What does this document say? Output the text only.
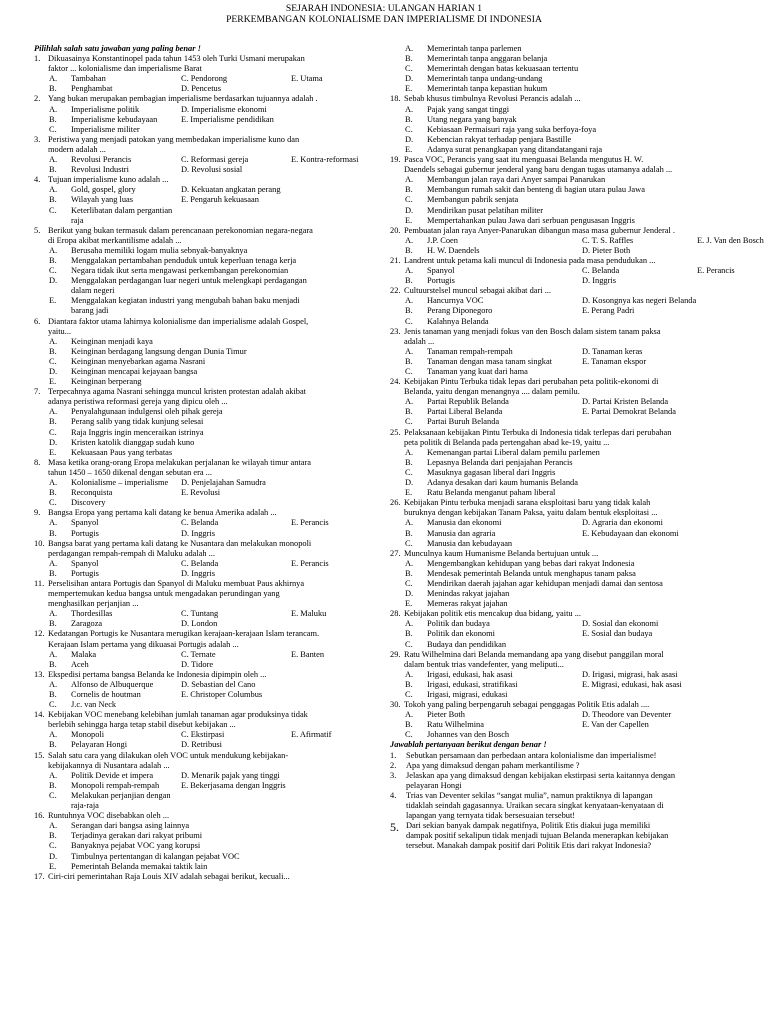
SEJARAH INDONESIA: ULANGAN HARIAN 1
PERKEMBANGAN KOLONIALISME DAN IMPERIALISME DI INDONESIA
Pilihlah salah satu jawaban yang paling benar !
1. Dikuasainya Konstantinopel pada tahun 1453 oleh Turki Usmani merupakan
faktor ... kolonialisme dan imperialisme Barat
A.	Tambahan	C. Pendorong	E. Utama
B.	Penghambat	D. Pencetus
2. Yang bukan merupakan pembagian imperialisme berdasarkan tujuannya adalah .
A.	Imperialisme politik	D. Imperialisme ekonomi
B.	Imperialisme kebudayaan	E. Imperialisme pendidikan
C.	Imperialisme militer
3. Peristiwa yang menjadi patokan yang membedakan imperialisme kuno dan
modern adalah ...
A.	Revolusi Perancis	C. Reformasi gereja	E. Kontra-reformasi
B.	Revolusi Industri	D. Revolusi sosial
4. Tujuan imperialisme kuno adalah ...
A.	Gold, gospel, glory	D. Kekuatan angkatan perang
B.	Wilayah yang luas	E. Pengaruh kekuasaan
C.	Keterlibatan dalam pergantian raja
5. Berikut yang bukan termasuk dalam perencanaan perekonomian negara-negara
di Eropa akibat merkantilisme adalah ...
A. Berusaha memiliki logam mulia sebnyak-banyaknya
B. Menggalakan pertambahan penduduk untuk keperluan tenaga kerja
C. Negara tidak ikut serta mengawasi perkembangan perekonomian
D. Menggalakan perdagangan luar negeri untuk melengkapi perdagangan
dalam negeri
E. Menggalakan kegiatan industri yang mengubah bahan baku menjadi
barang jadi
6. Diantara faktor utama lahirnya kolonialisme dan imperialisme adalah Gospel,
yaitu...
A. Keinginan menjadi kaya
B. Keinginan berdagang langsung dengan Dunia Timur
C. Keinginan menyebarkan agama Nasrani
D. Keinginan mencapai kejayaan bangsa
E. Keinginan berperang
7. Terpecahnya agama Nasrani sehingga muncul kristen protestan adalah akibat
adanya peristiwa reformasi gereja yang dipicu oleh ...
A. Penyalahgunaan indulgensi oleh pihak gereja
B. Perang salib yang tidak kunjung selesai
C. Raja Inggris ingin menceraikan istrinya
D. Kristen katolik dianggap sudah kuno
E. Kekuasaan Paus yang terbatas
8. Masa ketika orang-orang Eropa melakukan perjalanan ke wilayah timur antara
tahun 1450 – 1650 dikenal dengan sebutan era ...
A.	Kolonialisme – imperialisme	D. Penjelajahan Samudra
B.	Reconquista	E. Revolusi
C.	Discovery
9. Bangsa Eropa yang pertama kali datang ke benua Amerika adalah ...
A.	Spanyol	C. Belanda	E. Perancis
B.	Portugis	D. Inggris
10. Bangsa barat yang pertama kali datang ke Nusantara dan melakukan monopoli
perdagangan rempah-rempah di Maluku adalah ...
A.	Spanyol	C. Belanda	E. Perancis
B.	Portugis	D. Inggris
11. Perselisihan antara Portugis dan Spanyol di Maluku membuat Paus akhirnya
mempertemukan kedua bangsa untuk mengadakan perundingan yang
menghasilkan perjanjian ...
A.	Thordesillas	C. Tuntang	E. Maluku
B.	Zaragoza	D. London
12. Kedatangan Portugis ke Nusantara merugikan kerajaan-kerajaan Islam terancam.
Kerajaan Islam pertama yang dikuasai Portugis adalah ...
A.	Malaka	C. Ternate	E. Banten
B.	Aceh	D. Tidore
13. Ekspedisi pertama bangsa Belanda ke Indonesia dipimpin oleh ...
A.	Alfonso de Albuquerque	D. Sebastian del Cano
B.	Cornelis de houtman	E. Christoper Columbus
C.	J.c. van Neck
14. Kebijakan VOC menebang kelebihan jumlah tanaman agar produksinya tidak
berlebih sehingga harga tetap stabil disebut kebijakan ...
A.	Monopoli	C. Ekstirpasi	E. Afirmatif
B.	Pelayaran Hongi	D. Retribusi
15. Salah satu cara yang dilakukan oleh VOC untuk mendukung kebijakan-
kebijakannya di Nusantara adalah ...
A.	Politik Devide et impera	D. Menarik pajak yang tinggi
B.	Monopoli rempah-rempah	E. Bekerjasama dengan Inggris
C.	Melakukan perjanjian dengan raja-raja
16. Runtuhnya VOC disebabkan oleh ...
A. Serangan dari bangsa asing lainnya
B. Terjadinya gerakan dari rakyat pribumi
C. Banyaknya pejabat VOC yang korupsi
D. Timbulnya pertentangan di kalangan pejabat VOC
E. Pemerintah Belanda memakai taktik lain
17. Ciri-ciri pemerintahan Raja Louis XIV adalah sebagai berikut, kecuali...
A. Memerintah tanpa parlemen
B. Memerintah tanpa anggaran belanja
C. Memerintah dengan batas kekuasaan tertentu
D. Memerintah tanpa undang-undang
E. Memerintah tanpa kepastian hukum
18. Sebab khusus timbulnya Revolusi Perancis adalah ...
A. Pajak yang sangat tinggi
B. Utang negara yang banyak
C. Kebiasaan Permaisuri raja yang suka berfoya-foya
D. Kebencian rakyat terhadap penjara Bastille
E. Adanya surat penangkapan yang ditandatangani raja
19. Pasca VOC, Perancis yang saat itu menguasai Belanda mengutus H. W.
Daendels sebagai gubernur jenderal yang baru dengan tugas utamanya adalah ...
A. Membangun jalan raya dari Anyer sampai Panarukan
B. Membangun rumah sakit dan benteng di bagian utara pulau Jawa
C. Membangun pabrik senjata
D. Mendirikan pusat pelatihan militer
E. Mempertahankan pulau Jawa dari serbuan pengusasan Inggris
20. Pembuatan jalan raya Anyer-Panarukan dibangun masa masa gubernur Jenderal .
A.	J.P. Coen	C. T. S. Raffles	E. J. Van den Bosch
B.	H. W. Daendels	D. Pieter Both
21. Landrent untuk petama kali muncul di Indonesia pada masa pendudukan ...
A.	Spanyol	C. Belanda	E. Perancis
B.	Portugis	D. Inggris
22. Cultuurstelsel muncul sebagai akibat dari ...
A.	Hancurnya VOC	D. Kosongnya kas negeri Belanda
B.	Perang Diponegoro	E. Perang Padri
C.	Kalahnya Belanda
23. Jenis tanaman yang menjadi fokus van den Bosch dalam sistem tanam paksa
adalah ...
A.	Tanaman rempah-rempah	D. Tanaman keras
B.	Tanaman dengan masa tanam singkat	E. Tanaman ekspor
C.	Tanaman yang kuat dari hama
24. Kebijakan Pintu Terbuka tidak lepas dari perubahan peta politik-ekonomi di
Belanda, yaitu dengan menangnya .... dalam pemilu.
A.	Partai Republik Belanda	D. Partai Kristen Belanda
B.	Partai Liberal Belanda	E. Partai Demokrat Belanda
C.	Partai Buruh Belanda
25. Pelaksanaan kebijakan Pintu Terbuka di Indonesia tidak terlepas dari perubahan
peta politik di Belanda pada pertengahan abad ke-19, yaitu ...
A. Kemenangan partai Liberal dalam pemilu parlemen
B. Lepasnya Belanda dari penjajahan Perancis
C. Masuknya gagasan liberal dari Inggris
D. Adanya desakan dari kaum humanis Belanda
E. Ratu Belanda menganut paham liberal
26. Kebijakan Pintu terbuka menjadi sarana eksploitasi baru yang tidak kalah
buruknya dengan kebijakan Tanam Paksa, yaitu dalam bentuk eksploitasi ...
A.	Manusia dan ekonomi	D. Agraria dan ekonomi
B.	Manusia dan agraria	E. Kebudayaan dan ekonomi
C.	Manusia dan kebudayaan
27. Munculnya kaum Humanisme Belanda bertujuan untuk ...
A. Mengembangkan kehidupan yang bebas dari rakyat Indonesia
B. Mendesak pemerintah Belanda untuk menghapus tanam paksa
C. Mendirikan daerah jajahan agar kehidupan menjadi damai dan sentosa
D. Menindas rakyat jajahan
E. Memeras rakyat jajahan
28. Kebijakan politik etis mencakup dua bidang, yaitu ...
A.	Politik dan budaya	D. Sosial dan ekonomi
B.	Politik dan ekonomi	E. Sosial dan budaya
C.	Budaya dan pendidikan
29. Ratu Wilhelmina dari Belanda memandang apa yang disebut panggilan moral
dalam bentuk trias vandefenter, yang meliputi...
A.	Irigasi, edukasi, hak asasi	D. Irigasi, migrasi, hak asasi
B.	Irigasi, edukasi, stratifikasi	E. Migrasi, edukasi, hak asasi
C.	Irigasi, migrasi, edukasi
30. Tokoh yang paling berpengaruh sebagai penggagas Politik Etis adalah ....
A.	Pieter Both	D. Theodore van Deventer
B.	Ratu Wilhelmina	E. Van der Capellen
C.	Johannes van den Bosch
Jawablah pertanyaan berikut dengan benar !
1. Sebutkan persamaan dan perbedaan antara kolonialisme dan imperialisme!
2. Apa yang dimaksud dengan paham merkantilisme ?
3. Jelaskan apa yang dimaksud dengan kebijakan ekstirpasi serta kaitannya dengan
pelayaran Hongi
4. Trias van Deventer sekilas “sangat mulia”, namun praktiknya di lapangan
tidaklah seindah gagasannya. Uraikan secara singkat kenyataan-kenyataan di
lapangan yang ternyata tidak bersesuaian tersebut!
5. Dari sekian banyak dampak negatifnya, Politik Etis diakui juga memiliki
dampak positif sekalipun tidak menjadi tujuan Belanda menerapkan kebijakan
tersebut. Manakah dampak positif dari Politik Etis dari rakyat Indonesia?
